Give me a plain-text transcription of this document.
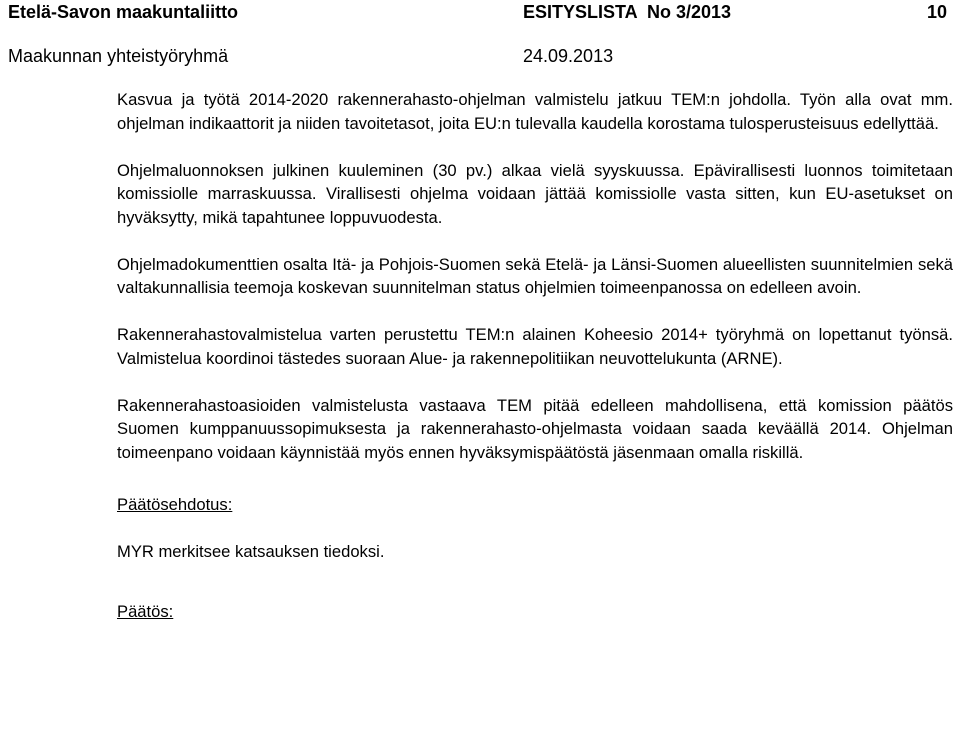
Etelä-Savon maakuntaliitto	ESITYSLISTA  No 3/2013	10
Maakunnan yhteistyöryhmä	24.09.2013

Kasvua ja työtä 2014-2020 rakennerahasto-ohjelman valmistelu jatkuu TEM:n johdolla. Työn alla ovat mm. ohjelman indikaattorit ja niiden tavoitetasot, joita EU:n tulevalla kaudella korostama tulosperusteisuus edellyttää.

Ohjelmaluonnoksen julkinen kuuleminen (30 pv.) alkaa vielä syyskuussa. Epävirallisesti luonnos toimitetaan komissiolle marraskuussa. Virallisesti ohjelma voidaan jättää komissiolle vasta sitten, kun EU-asetukset on hyväksytty, mikä tapahtunee loppuvuodesta.

Ohjelmadokumenttien osalta Itä- ja Pohjois-Suomen sekä Etelä- ja Länsi-Suomen alueellisten suunnitelmien sekä valtakunnallisia teemoja koskevan suunnitelman status ohjelmien toimeenpanossa on edelleen avoin.

Rakennerahastovalmistelua varten perustettu TEM:n alainen Koheesio 2014+ työryhmä on lopettanut työnsä. Valmistelua koordinoi tästedes suoraan Alue- ja rakennepolitiikan neuvottelukunta (ARNE).

Rakennerahastoasioiden valmistelusta vastaava TEM pitää edelleen mahdollisena, että komission päätös Suomen kumppanuussopimuksesta ja rakennerahasto-ohjelmasta voidaan saada keväällä 2014. Ohjelman toimeenpano voidaan käynnistää myös ennen hyväksymispäätöstä jäsenmaan omalla riskillä.

Päätösehdotus:

MYR merkitsee katsauksen tiedoksi.

Päätös:
